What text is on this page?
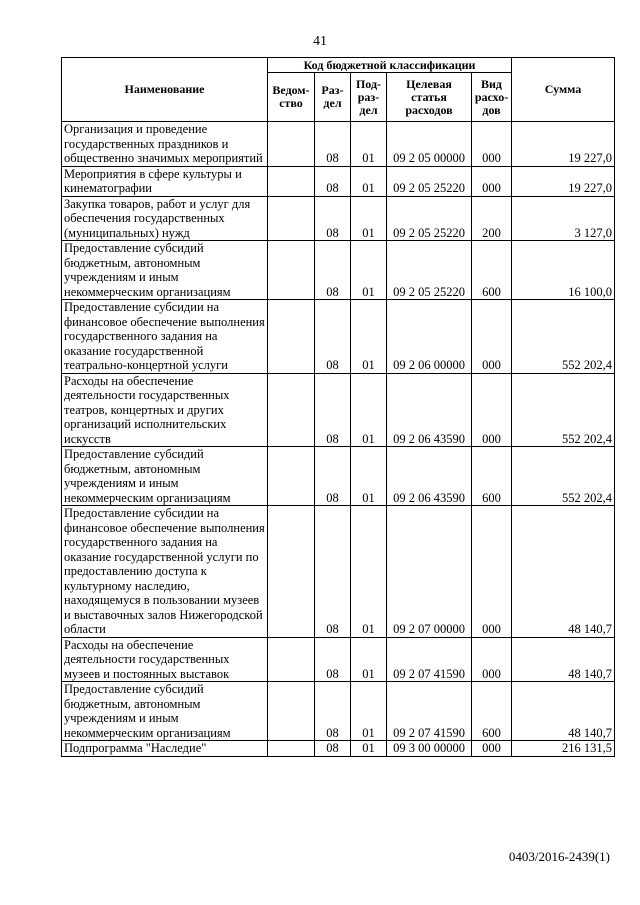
41
Наименование	Код бюджетной классификации					Сумма
	Ведом-ство	Раз-дел	Под-раз-дел	Целевая статья расходов	Вид расхо-дов	
Организация и проведение государственных праздников и общественно значимых мероприятий		08	01	09 2 05 00000	000	19 227,0
Мероприятия в сфере культуры и кинематографии		08	01	09 2 05 25220	000	19 227,0
Закупка товаров, работ и услуг для обеспечения государственных (муниципальных) нужд		08	01	09 2 05 25220	200	3 127,0
Предоставление субсидий бюджетным, автономным учреждениям и иным некоммерческим организациям		08	01	09 2 05 25220	600	16 100,0
Предоставление субсидии на финансовое обеспечение выполнения государственного задания на оказание государственной театрально-концертной услуги		08	01	09 2 06 00000	000	552 202,4
Расходы на обеспечение деятельности государственных театров, концертных и других организаций исполнительских искусств		08	01	09 2 06 43590	000	552 202,4
Предоставление субсидий бюджетным, автономным учреждениям и иным некоммерческим организациям		08	01	09 2 06 43590	600	552 202,4
Предоставление субсидии на финансовое обеспечение выполнения государственного задания на оказание государственной услуги по предоставлению доступа к культурному наследию, находящемуся в пользовании музеев и выставочных залов Нижегородской области		08	01	09 2 07 00000	000	48 140,7
Расходы на обеспечение деятельности государственных музеев и постоянных выставок		08	01	09 2 07 41590	000	48 140,7
Предоставление субсидий бюджетным, автономным учреждениям и иным некоммерческим организациям		08	01	09 2 07 41590	600	48 140,7
Подпрограмма "Наследие"		08	01	09 3 00 00000	000	216 131,5
0403/2016-2439(1)
